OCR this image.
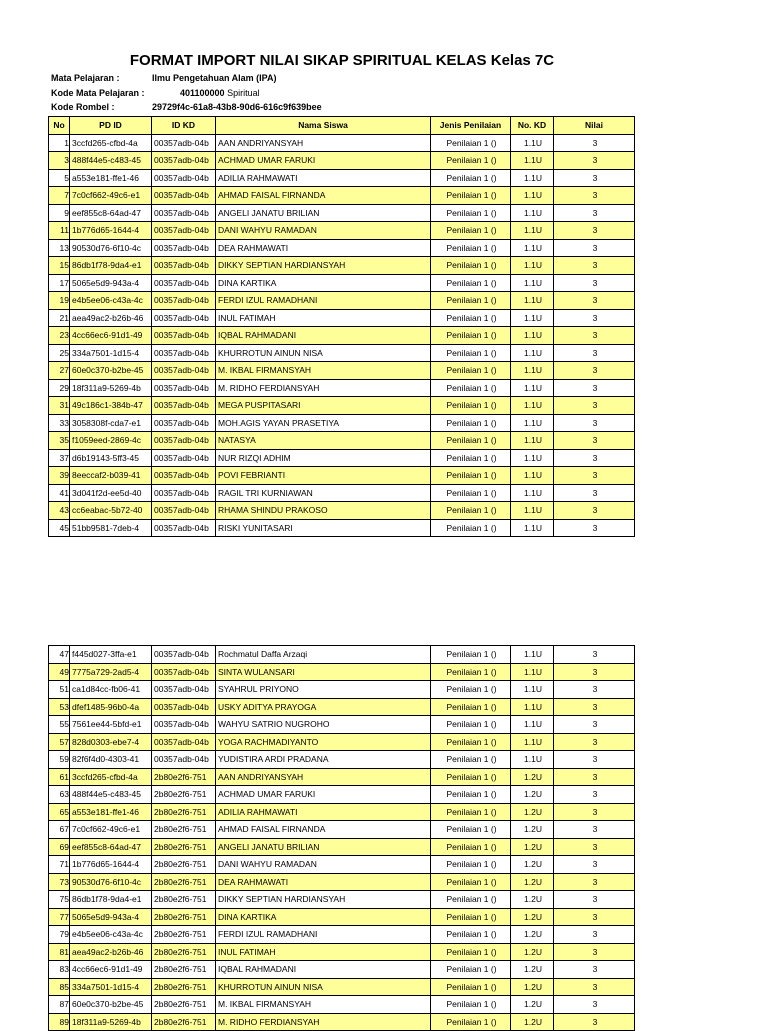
FORMAT IMPORT NILAI SIKAP SPIRITUAL KELAS Kelas 7C
Mata Pelajaran :	Ilmu Pengetahuan Alam (IPA)
Kode Mata Pelajaran :	401100000 Spiritual
Kode Rombel :	29729f4c-61a8-43b8-90d6-616c9f639bee
No	PD ID	ID KD	Nama Siswa	Jenis Penilaian	No. KD	Nilai
1	3ccfd265-cfbd-4a	00357adb-04b	AAN ANDRIYANSYAH	Penilaian 1 ()	1.1U	3
3	488f44e5-c483-45	00357adb-04b	ACHMAD UMAR FARUKI	Penilaian 1 ()	1.1U	3
5	a553e181-ffe1-46	00357adb-04b	ADILIA RAHMAWATI	Penilaian 1 ()	1.1U	3
7	7c0cf662-49c6-e1	00357adb-04b	AHMAD FAISAL FIRNANDA	Penilaian 1 ()	1.1U	3
9	eef855c8-64ad-47	00357adb-04b	ANGELI JANATU BRILIAN	Penilaian 1 ()	1.1U	3
11	1b776d65-1644-4	00357adb-04b	DANI WAHYU RAMADAN	Penilaian 1 ()	1.1U	3
13	90530d76-6f10-4c	00357adb-04b	DEA RAHMAWATI	Penilaian 1 ()	1.1U	3
15	86db1f78-9da4-e1	00357adb-04b	DIKKY SEPTIAN HARDIANSYAH	Penilaian 1 ()	1.1U	3
17	5065e5d9-943a-4	00357adb-04b	DINA KARTIKA	Penilaian 1 ()	1.1U	3
19	e4b5ee06-c43a-4c	00357adb-04b	FERDI IZUL RAMADHANI	Penilaian 1 ()	1.1U	3
21	aea49ac2-b26b-46	00357adb-04b	INUL FATIMAH	Penilaian 1 ()	1.1U	3
23	4cc66ec6-91d1-49	00357adb-04b	IQBAL RAHMADANI	Penilaian 1 ()	1.1U	3
25	334a7501-1d15-4	00357adb-04b	KHURROTUN AINUN NISA	Penilaian 1 ()	1.1U	3
27	60e0c370-b2be-45	00357adb-04b	M. IKBAL FIRMANSYAH	Penilaian 1 ()	1.1U	3
29	18f311a9-5269-4b	00357adb-04b	M. RIDHO FERDIANSYAH	Penilaian 1 ()	1.1U	3
31	49c186c1-384b-47	00357adb-04b	MEGA PUSPITASARI	Penilaian 1 ()	1.1U	3
33	3058308f-cda7-e1	00357adb-04b	MOH.AGIS YAYAN PRASETIYA	Penilaian 1 ()	1.1U	3
35	f1059eed-2869-4c	00357adb-04b	NATASYA	Penilaian 1 ()	1.1U	3
37	d6b19143-5ff3-45	00357adb-04b	NUR RIZQI ADHIM	Penilaian 1 ()	1.1U	3
39	8eeccaf2-b039-41	00357adb-04b	POVI FEBRIANTI	Penilaian 1 ()	1.1U	3
41	3d041f2d-ee5d-40	00357adb-04b	RAGIL TRI KURNIAWAN	Penilaian 1 ()	1.1U	3
43	cc6eabac-5b72-40	00357adb-04b	RHAMA SHINDU PRAKOSO	Penilaian 1 ()	1.1U	3
45	51bb9581-7deb-4	00357adb-04b	RISKI YUNITASARI	Penilaian 1 ()	1.1U	3
47	f445d027-3ffa-e1	00357adb-04b	Rochmatul Daffa Arzaqi	Penilaian 1 ()	1.1U	3
49	7775a729-2ad5-4	00357adb-04b	SINTA WULANSARI	Penilaian 1 ()	1.1U	3
51	ca1d84cc-fb06-41	00357adb-04b	SYAHRUL PRIYONO	Penilaian 1 ()	1.1U	3
53	dfef1485-96b0-4a	00357adb-04b	USKY ADITYA PRAYOGA	Penilaian 1 ()	1.1U	3
55	7561ee44-5bfd-e1	00357adb-04b	WAHYU SATRIO NUGROHO	Penilaian 1 ()	1.1U	3
57	828d0303-ebe7-4	00357adb-04b	YOGA RACHMADIYANTO	Penilaian 1 ()	1.1U	3
59	82f6f4d0-4303-41	00357adb-04b	YUDISTIRA ARDI PRADANA	Penilaian 1 ()	1.1U	3
61	3ccfd265-cfbd-4a	2b80e2f6-751	AAN ANDRIYANSYAH	Penilaian 1 ()	1.2U	3
63	488f44e5-c483-45	2b80e2f6-751	ACHMAD UMAR FARUKI	Penilaian 1 ()	1.2U	3
65	a553e181-ffe1-46	2b80e2f6-751	ADILIA RAHMAWATI	Penilaian 1 ()	1.2U	3
67	7c0cf662-49c6-e1	2b80e2f6-751	AHMAD FAISAL FIRNANDA	Penilaian 1 ()	1.2U	3
69	eef855c8-64ad-47	2b80e2f6-751	ANGELI JANATU BRILIAN	Penilaian 1 ()	1.2U	3
71	1b776d65-1644-4	2b80e2f6-751	DANI WAHYU RAMADAN	Penilaian 1 ()	1.2U	3
73	90530d76-6f10-4c	2b80e2f6-751	DEA RAHMAWATI	Penilaian 1 ()	1.2U	3
75	86db1f78-9da4-e1	2b80e2f6-751	DIKKY SEPTIAN HARDIANSYAH	Penilaian 1 ()	1.2U	3
77	5065e5d9-943a-4	2b80e2f6-751	DINA KARTIKA	Penilaian 1 ()	1.2U	3
79	e4b5ee06-c43a-4c	2b80e2f6-751	FERDI IZUL RAMADHANI	Penilaian 1 ()	1.2U	3
81	aea49ac2-b26b-46	2b80e2f6-751	INUL FATIMAH	Penilaian 1 ()	1.2U	3
83	4cc66ec6-91d1-49	2b80e2f6-751	IQBAL RAHMADANI	Penilaian 1 ()	1.2U	3
85	334a7501-1d15-4	2b80e2f6-751	KHURROTUN AINUN NISA	Penilaian 1 ()	1.2U	3
87	60e0c370-b2be-45	2b80e2f6-751	M. IKBAL FIRMANSYAH	Penilaian 1 ()	1.2U	3
89	18f311a9-5269-4b	2b80e2f6-751	M. RIDHO FERDIANSYAH	Penilaian 1 ()	1.2U	3
